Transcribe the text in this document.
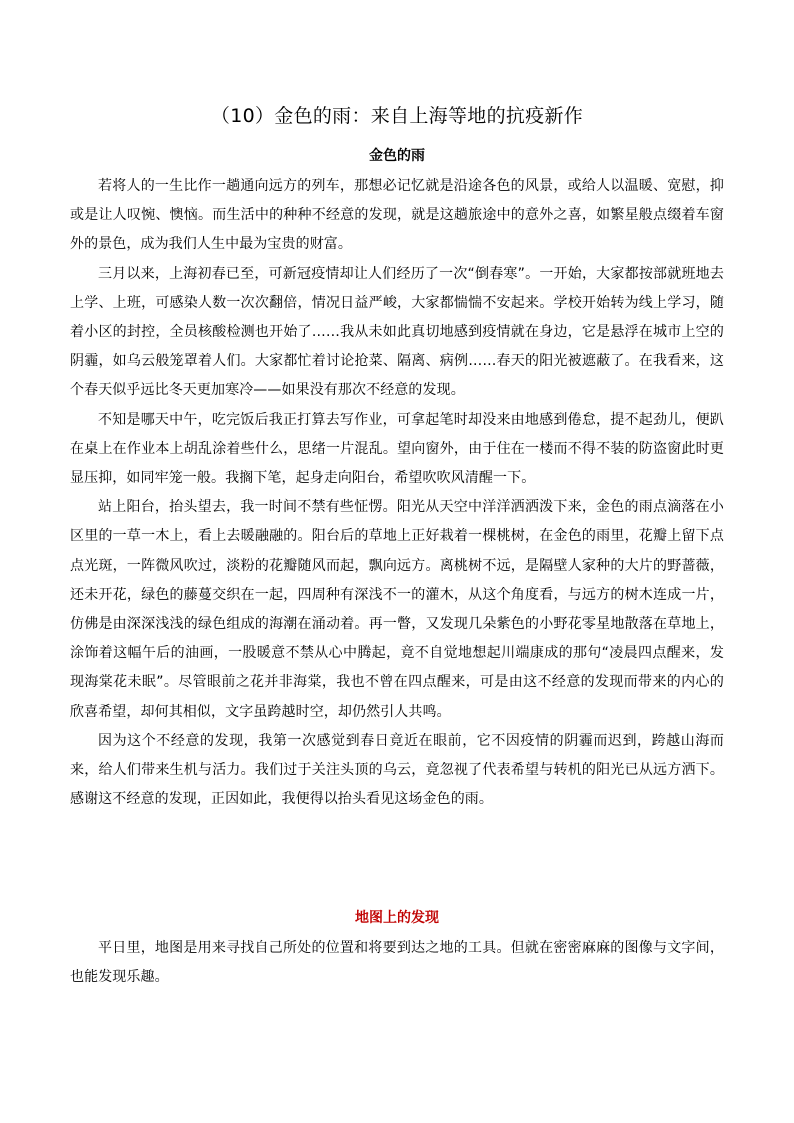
（10）金色的雨：来自上海等地的抗疫新作
金色的雨

若将人的一生比作一趟通向远方的列车，那想必记忆就是沿途各色的风景，或给人以温暖、宽慰，抑或是让人叹惋、懊恼。而生活中的种种不经意的发现，就是这趟旅途中的意外之喜，如繁星般点缀着车窗外的景色，成为我们人生中最为宝贵的财富。

三月以来，上海初春已至，可新冠疫情却让人们经历了一次“倒春寒”。一开始，大家都按部就班地去上学、上班，可感染人数一次次翻倍，情况日益严峻，大家都惴惴不安起来。学校开始转为线上学习，随着小区的封控，全员核酸检测也开始了……我从未如此真切地感到疫情就在身边，它是悬浮在城市上空的阴霾，如乌云般笼罩着人们。大家都忙着讨论抢菜、隔离、病例……春天的阳光被遮蔽了。在我看来，这个春天似乎远比冬天更加寒冷——如果没有那次不经意的发现。

不知是哪天中午，吃完饭后我正打算去写作业，可拿起笔时却没来由地感到倦怠，提不起劲儿，便趴在桌上在作业本上胡乱涂着些什么，思绪一片混乱。望向窗外，由于住在一楼而不得不装的防盗窗此时更显压抑，如同牢笼一般。我搁下笔，起身走向阳台，希望吹吹风清醒一下。

站上阳台，抬头望去，我一时间不禁有些怔愣。阳光从天空中洋洋洒洒泼下来，金色的雨点滴落在小区里的一草一木上，看上去暖融融的。阳台后的草地上正好栽着一棵桃树，在金色的雨里，花瓣上留下点点光斑，一阵微风吹过，淡粉的花瓣随风而起，飘向远方。离桃树不远，是隔壁人家种的大片的野蔷薇，还未开花，绿色的藤蔓交织在一起，四周种有深浅不一的灌木，从这个角度看，与远方的树木连成一片，仿佛是由深深浅浅的绿色组成的海潮在涌动着。再一瞥，又发现几朵紫色的小野花零星地散落在草地上，涂饰着这幅午后的油画，一股暖意不禁从心中腾起，竟不自觉地想起川端康成的那句“凌晨四点醒来，发现海棠花未眠”。尽管眼前之花并非海棠，我也不曾在四点醒来，可是由这不经意的发现而带来的内心的欣喜希望，却何其相似，文字虽跨越时空，却仍然引人共鸣。

因为这个不经意的发现，我第一次感觉到春日竟近在眼前，它不因疫情的阴霾而迟到，跨越山海而来，给人们带来生机与活力。我们过于关注头顶的乌云，竟忽视了代表希望与转机的阳光已从远方洒下。感谢这不经意的发现，正因如此，我便得以抬头看见这场金色的雨。

地图上的发现

平日里，地图是用来寻找自己所处的位置和将要到达之地的工具。但就在密密麻麻的图像与文字间，也能发现乐趣。
